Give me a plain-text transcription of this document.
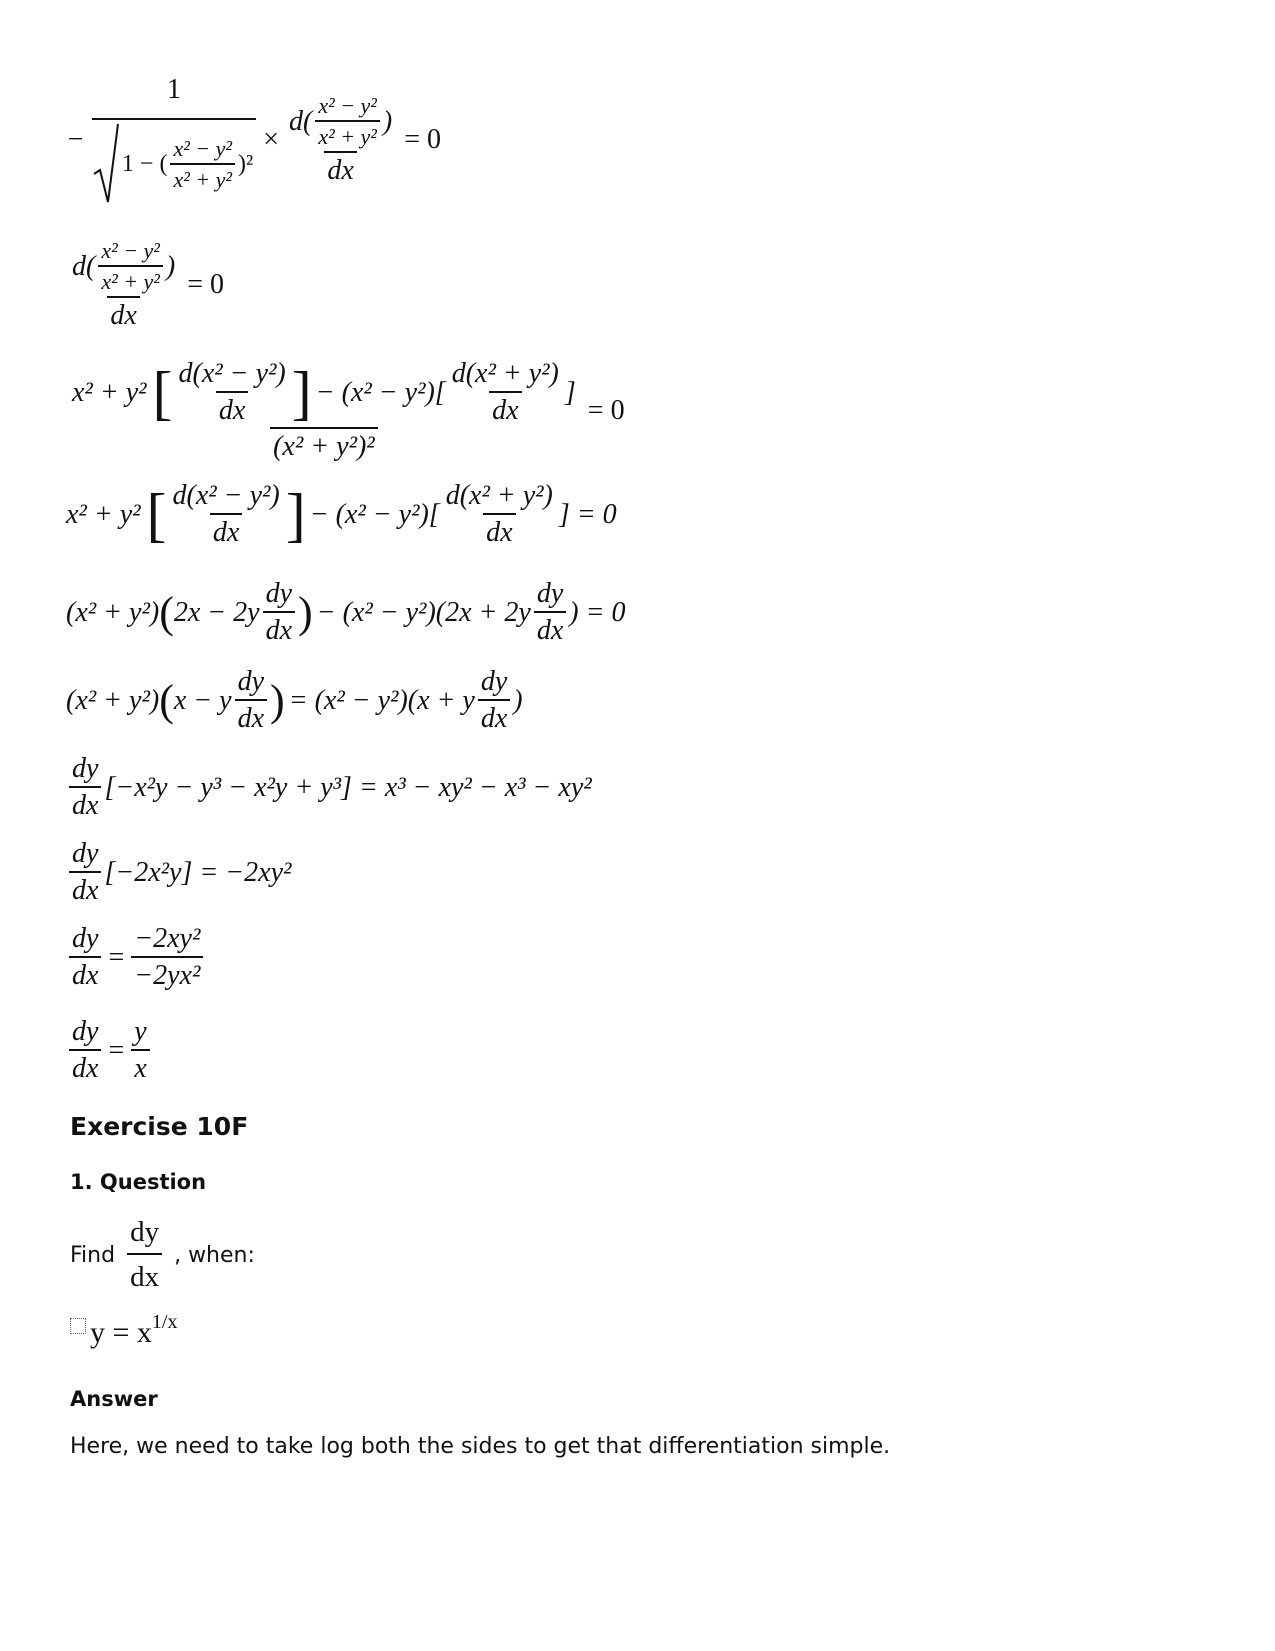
− $\frac{1}{1 - ( \frac{\text{x² − y²}}{\text{x² + y²}} )^2} \times \frac{d( \frac{\text{x² − y²}}{\text{x² + y²}} )}{dx} = 0$
$\frac{d( \frac{\text{x² − y²}}{\text{x² + y²}} )}{dx} = 0$
x² + y² [ $\frac{\text{d(x² − y²)}}{dx}$ ] − $(x^2 - y^2)[ \frac{\text{d(x² + y²)}}{dx}$ ]
(x² + y²)²
= 0
x² + y² [ $\frac{\text{d(x² − y²)}}{dx}$ ] − $(x^2 - y^2)[ \frac{\text{d(x² + y²)}}{dx}$ ] = 0
(x² + y²) ( $2x - 2y \frac{dy}{dx}$ ) − $(x^2 - y^2)(2x + 2y \frac{dy}{dx}$ ) = 0
(x² + y²) ( x − y $\frac{dy}{dx}$ ) = (x² − y²)(x + y $\frac{dy}{dx}$ )
$\frac{dy}{dx} [-x^2y - y^3 - x^2y + y^3] = x^3 - xy^2 - x^3 - xy^2$
$\frac{dy}{dx} [-2x^2y] = -2xy^2$
$\frac{dy}{dx} = \frac{\text{−2xy²}}{\text{−2yx²}}$
$\frac{dy}{dx} = \frac{y}{x}$
Exercise 10F
1. Question
Find $\frac{dy}{dx}$ , when:
y = x 1/x
Answer
Here, we need to take log both the sides to get that differentiation simple.
